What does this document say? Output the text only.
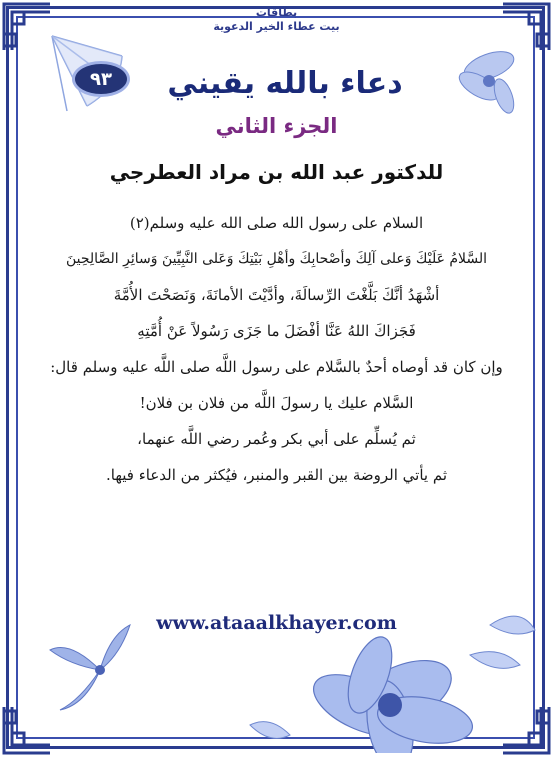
بطاقات
بيت عطاء الخير الدعوية
٩٣	دعاء بالله يقيني
الجزء الثاني
للدكتور عبد الله بن مراد العطرجي

السلام على رسول الله صلى الله عليه وسلم(٢)

السَّلامُ عَلَيْكَ وَعلى آلِكَ وأصْحابِكَ وأهْلِ بَيْتِكَ وَعَلى النَّبِيِّينَ وَسائِرِ الصَّالِحِينَ

أشْهَدُ أنَّكَ بَلَّغْتَ الرِّسالَةَ، وأدَّيْتَ الأمانَةَ، وَنَصَحْتَ الأُمَّةَ

فَجَزاكَ اللهُ عَنَّا أفْضَلَ ما جَزَى رَسُولاً عَنْ أُمَّتِهِ

وإن كان قد أوصاه أحدٌ بالسَّلام على رسول اللَّه صلى اللَّه عليه وسلم قال:

السَّلام عليك يا رسولَ اللَّه من فلان بن فلان!

ثم يُسلِّم على أبي بكر وعُمر رضي اللَّه عنهما،

ثم يأتي الروضة بين القبر والمنبر، فيُكثر من الدعاء فيها.

www.ataaalkhayer.com
